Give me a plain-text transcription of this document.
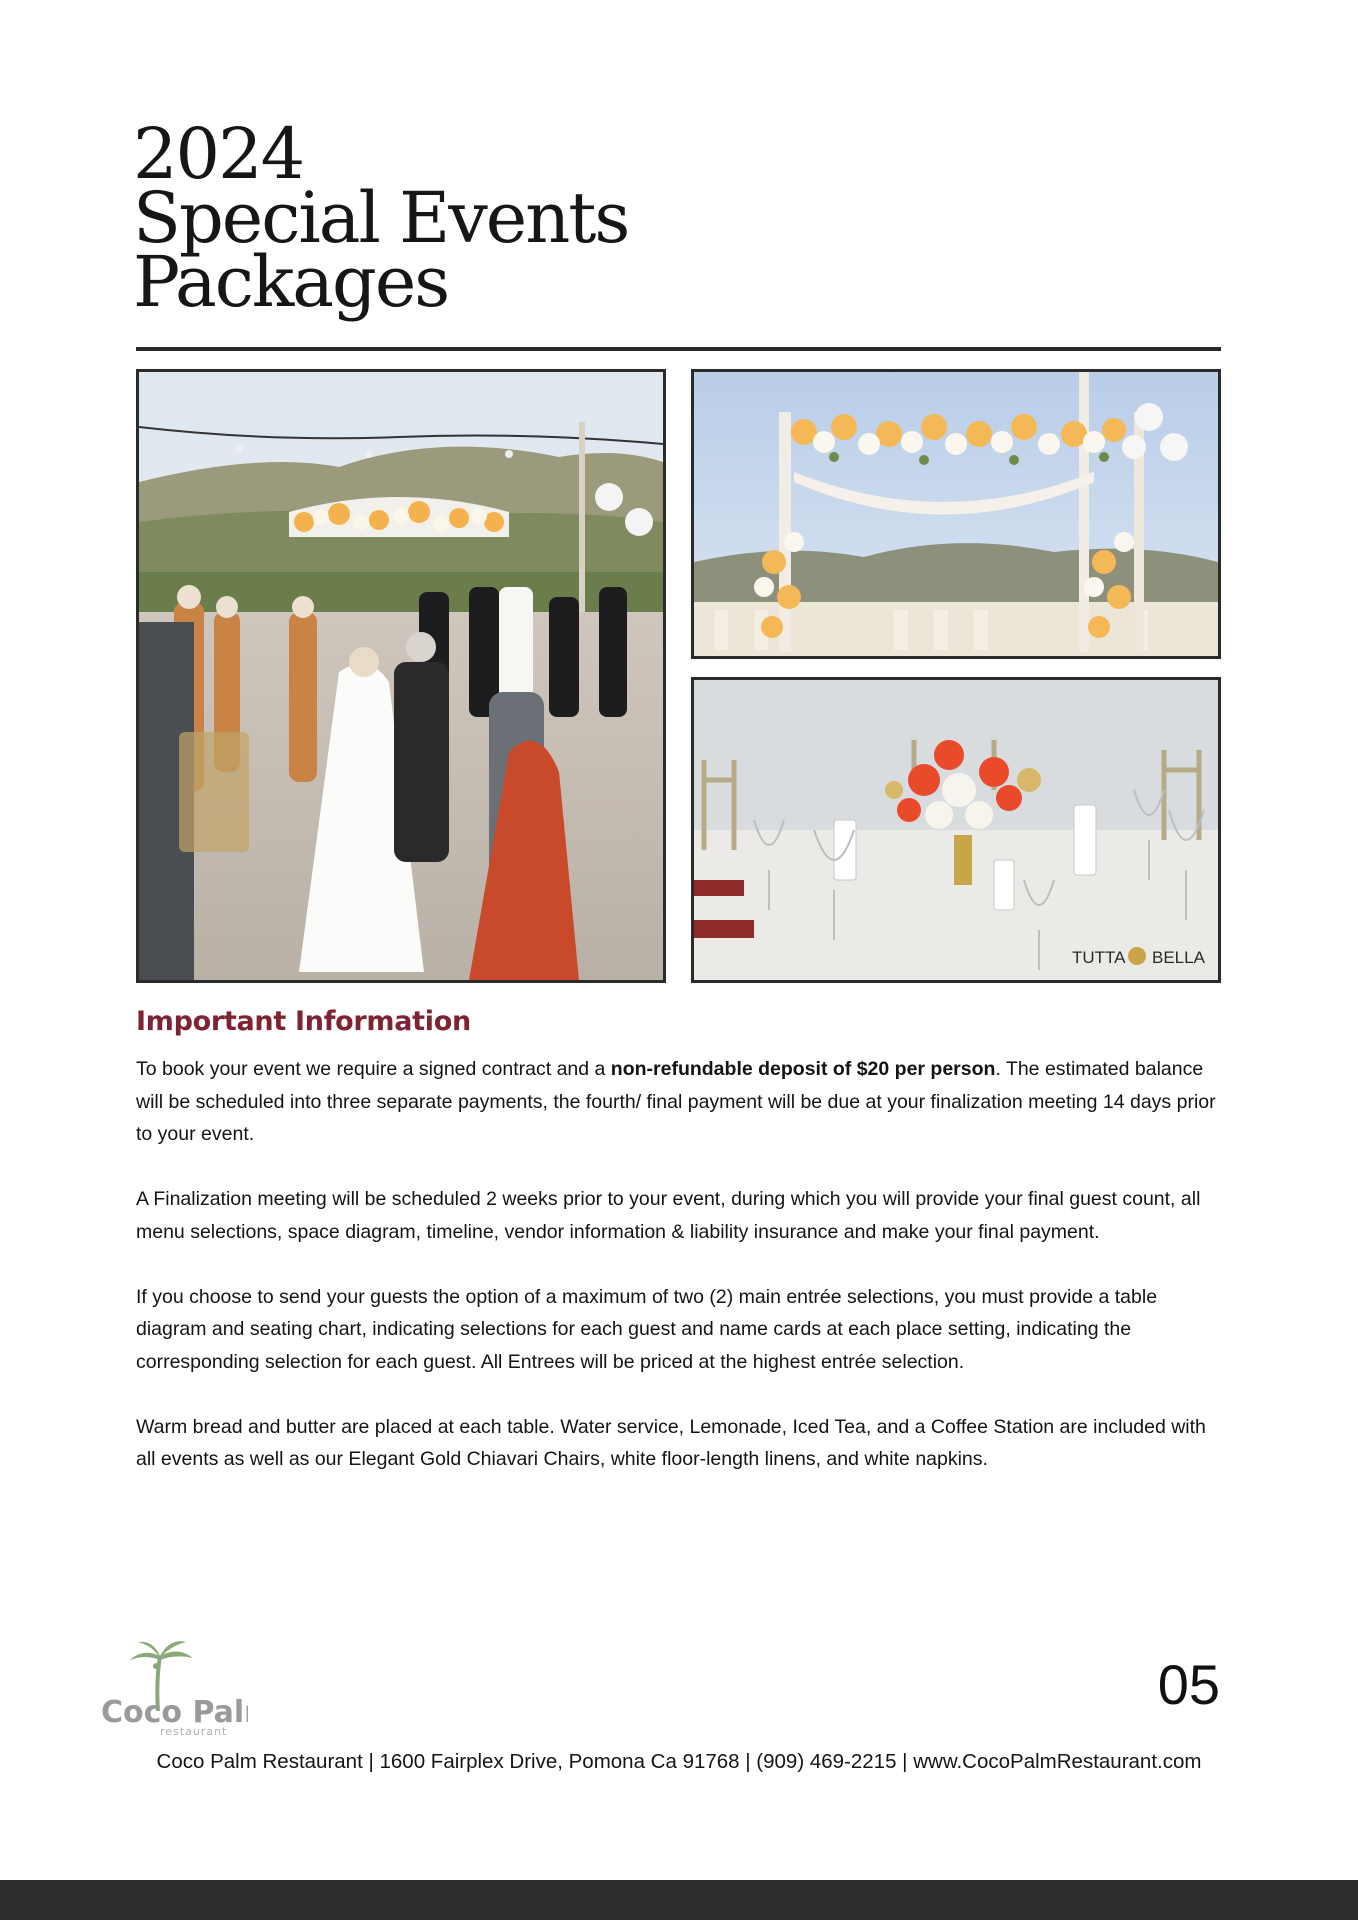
2024
Special Events
Packages
TUTTA BELLA
Important Information

To book your event we require a signed contract and a non-refundable deposit of $20 per person. The estimated balance will be scheduled into three separate payments, the fourth/ final payment will be due at your finalization meeting 14 days prior to your event.

A Finalization meeting will be scheduled 2 weeks prior to your event, during which you will provide your final guest count, all menu selections, space diagram, timeline, vendor information & liability insurance and make your final payment.

If you choose to send your guests the option of a maximum of two (2) main entrée selections, you must provide a table diagram and seating chart, indicating selections for each guest and name cards at each place setting, indicating the corresponding selection for each guest. All Entrees will be priced at the highest entrée selection.

Warm bread and butter are placed at each table. Water service, Lemonade, Iced Tea, and a Coffee Station are included with all events as well as our Elegant Gold Chiavari Chairs, white floor-length linens, and white napkins.

Coco Pal
restaurant
05
Coco Palm Restaurant | 1600 Fairplex Drive, Pomona Ca 91768 | (909) 469-2215 | www.CocoPalmRestaurant.com
